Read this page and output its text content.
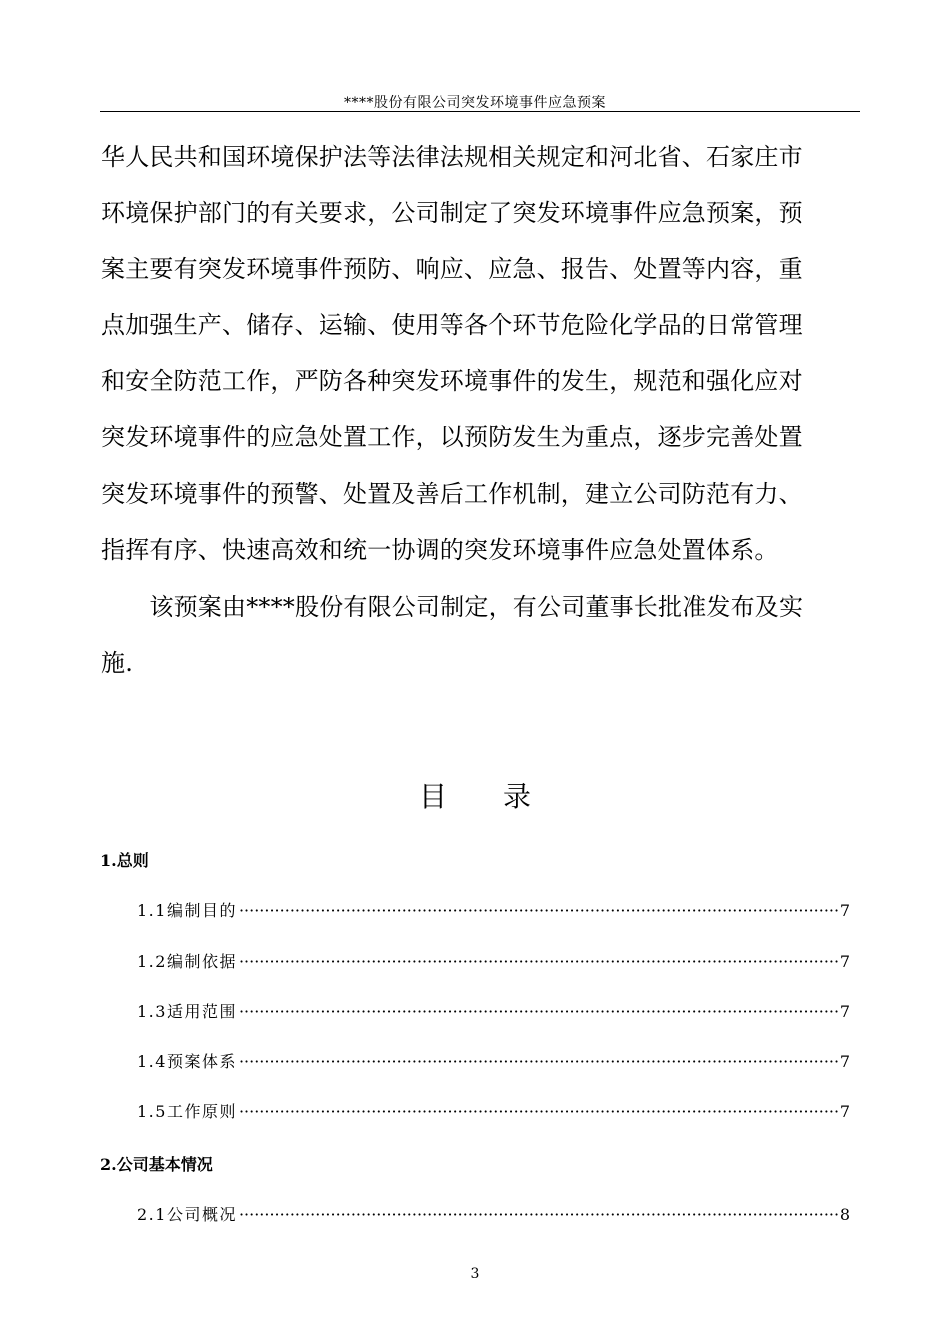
****股份有限公司突发环境事件应急预案
华人民共和国环境保护法等法律法规相关规定和河北省、石家庄市
环境保护部门的有关要求，公司制定了突发环境事件应急预案，预
案主要有突发环境事件预防、响应、应急、报告、处置等内容，重
点加强生产、储存、运输、使用等各个环节危险化学品的日常管理
和安全防范工作，严防各种突发环境事件的发生，规范和强化应对
突发环境事件的应急处置工作，以预防发生为重点，逐步完善处置
突发环境事件的预警、处置及善后工作机制，建立公司防范有力、
指挥有序、快速高效和统一协调的突发环境事件应急处置体系。
　　该预案由****股份有限公司制定，有公司董事长批准发布及实
施.
目 录
1.总则
1.1编制目的 ·····	7
1.2编制依据 ·····	7
1.3适用范围 ·····	7
1.4预案体系 ·····	7
1.5工作原则 ·····	7
2.公司基本情况
2.1公司概况 ·····	8
3
